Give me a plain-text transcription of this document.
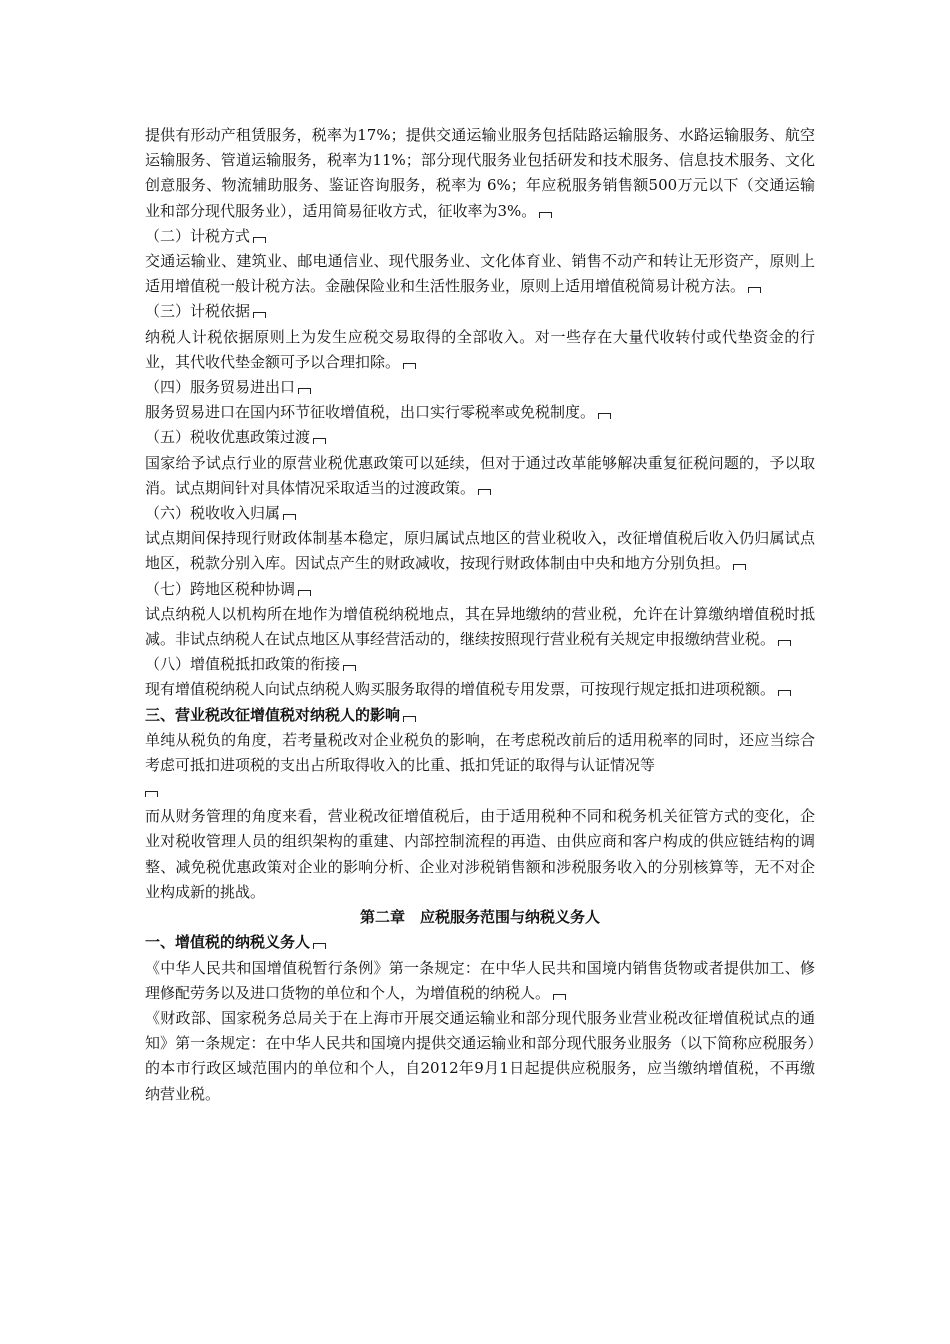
提供有形动产租赁服务，税率为17%；提供交通运输业服务包括陆路运输服务、水路运输服务、航空运输服务、管道运输服务，税率为11%；部分现代服务业包括研发和技术服务、信息技术服务、文化创意服务、物流辅助服务、鉴证咨询服务，税率为 6%；年应税服务销售额500万元以下（交通运输业和部分现代服务业），适用简易征收方式，征收率为3%。

（二）计税方式

交通运输业、建筑业、邮电通信业、现代服务业、文化体育业、销售不动产和转让无形资产，原则上适用增值税一般计税方法。金融保险业和生活性服务业，原则上适用增值税简易计税方法。

（三）计税依据

纳税人计税依据原则上为发生应税交易取得的全部收入。对一些存在大量代收转付或代垫资金的行业，其代收代垫金额可予以合理扣除。

（四）服务贸易进出口

服务贸易进口在国内环节征收增值税，出口实行零税率或免税制度。

（五）税收优惠政策过渡

国家给予试点行业的原营业税优惠政策可以延续，但对于通过改革能够解决重复征税问题的，予以取消。试点期间针对具体情况采取适当的过渡政策。

（六）税收收入归属

试点期间保持现行财政体制基本稳定，原归属试点地区的营业税收入，改征增值税后收入仍归属试点地区，税款分别入库。因试点产生的财政减收，按现行财政体制由中央和地方分别负担。

（七）跨地区税种协调

试点纳税人以机构所在地作为增值税纳税地点，其在异地缴纳的营业税，允许在计算缴纳增值税时抵减。非试点纳税人在试点地区从事经营活动的，继续按照现行营业税有关规定申报缴纳营业税。

（八）增值税抵扣政策的衔接

现有增值税纳税人向试点纳税人购买服务取得的增值税专用发票，可按现行规定抵扣进项税额。

三、营业税改征增值税对纳税人的影响

单纯从税负的角度，若考量税改对企业税负的影响，在考虑税改前后的适用税率的同时，还应当综合考虑可抵扣进项税的支出占所取得收入的比重、抵扣凭证的取得与认证情况等

而从财务管理的角度来看，营业税改征增值税后，由于适用税种不同和税务机关征管方式的变化，企业对税收管理人员的组织架构的重建、内部控制流程的再造、由供应商和客户构成的供应链结构的调整、减免税优惠政策对企业的影响分析、企业对涉税销售额和涉税服务收入的分别核算等，无不对企业构成新的挑战。

第二章　应税服务范围与纳税义务人

一、增值税的纳税义务人

《中华人民共和国增值税暂行条例》第一条规定：在中华人民共和国境内销售货物或者提供加工、修理修配劳务以及进口货物的单位和个人，为增值税的纳税人。

《财政部、国家税务总局关于在上海市开展交通运输业和部分现代服务业营业税改征增值税试点的通知》第一条规定：在中华人民共和国境内提供交通运输业和部分现代服务业服务（以下简称应税服务）的本市行政区域范围内的单位和个人，自2012年9月1日起提供应税服务，应当缴纳增值税，不再缴纳营业税。
